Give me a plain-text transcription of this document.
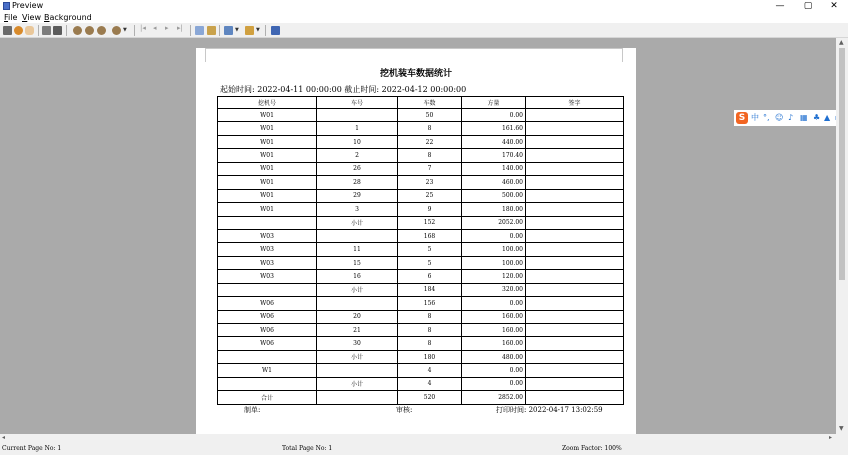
Preview	—	▢	✕
File View Background
▼ |◂ ◂ ▸ ▸|	▼	▼
挖机装车数据统计
起始时间: 2022-04-11 00:00:00 截止时间: 2022-04-12 00:00:00
挖机号	车号	车数	方量	签字
W01		50	0.00	
W01	1	8	161.60	
W01	10	22	440.00	
W01	2	8	170.40	
W01	26	7	140.00	
W01	28	23	460.00	
W01	29	25	500.00	
W01	3	9	180.00	
	小计	152	2052.00	
W03		168	0.00	
W03	11	5	100.00	
W03	15	5	100.00	
W03	16	6	120.00	
	小计	184	320.00	
W06		156	0.00	
W06	20	8	160.00	
W06	21	8	160.00	
W06	30	8	160.00	
	小计	180	480.00	
W1		4	0.00	
	小计	4	0.00	
合计		520	2852.00	
制单:	审核:	打印时间: 2022-04-17 13:02:59
S 中 °, ☺ ♪ ▦ ♣ ▲
▲
▼
◂	▸
Current Page No: 1	Total Page No: 1	Zoom Factor: 100%
